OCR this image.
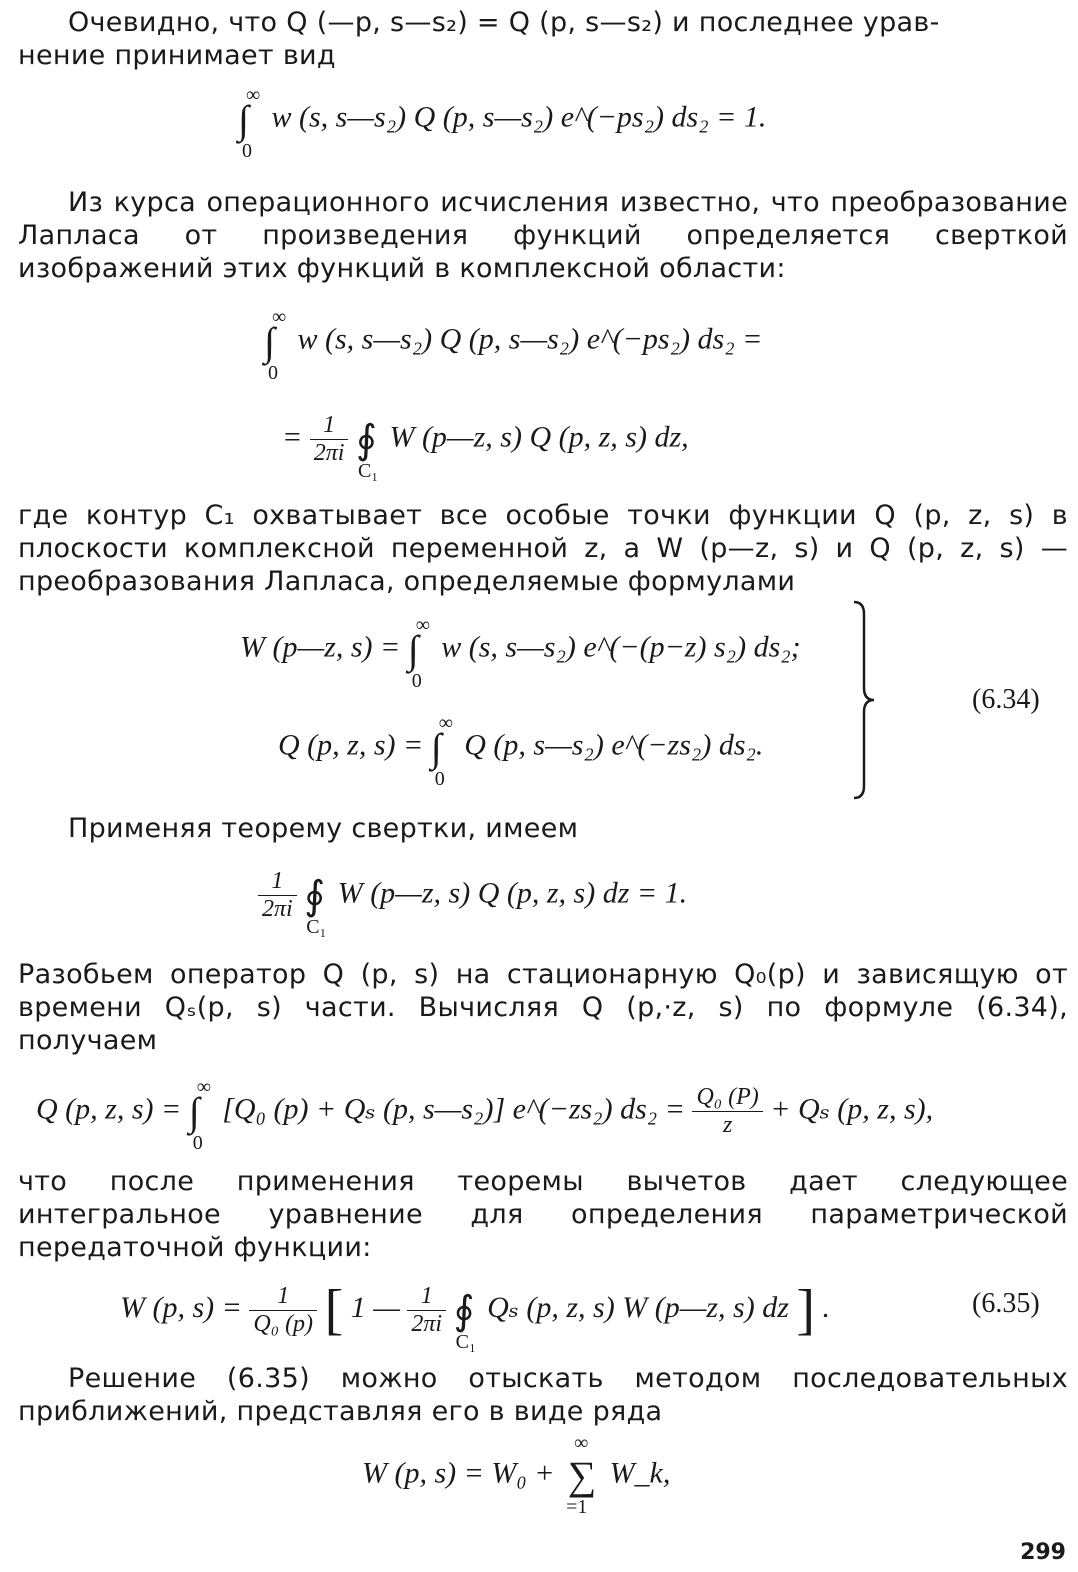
Очевидно, что Q (—p, s—s₂) = Q (p, s—s₂) и последнее урав-

нение принимает вид

∫
∞
0
w (s, s—s₂) Q (p, s—s₂) e^(−ps₂) ds₂ = 1.

Из курса операционного исчисления известно, что преобразование Лапласа от произведения функций определяется сверткой изображений этих функций в комплексной области:

∫
∞
0
w (s, s—s₂) Q (p, s—s₂) e^(−ps₂) ds₂ =
= $\frac{1}{2\pi i}$ ∮
C₁
W (p—z, s) Q (p, z, s) dz,

где контур C₁ охватывает все особые точки функции Q (p, z, s) в плоскости комплексной переменной z, а W (p—z, s) и Q (p, z, s) — преобразования Лапласа, определяемые формулами

W (p—z, s) = ∫
∞
0
w (s, s—s₂) e^(−(p−z) s₂) ds₂;
Q (p, z, s) = ∫
∞
0
Q (p, s—s₂) e^(−zs₂) ds₂.
(6.34)

Применяя теорему свертки, имеем

$\frac{1}{2\pi i}$ ∮
C₁
W (p—z, s) Q (p, z, s) dz = 1.

Разобьем оператор Q (p, s) на стационарную Q₀(p) и зависящую от времени Qₛ(p, s) части. Вычисляя Q (p,·z, s) по формуле (6.34), получаем

Q (p, z, s) = ∫
∞
0
[Q₀ (p) + Qₛ (p, s—s₂)] e^(−zs₂) $ds_2 = \frac{\text{Q₀ (P)}}{z} + Q_s$ (p, z, s),

что после применения теоремы вычетов дает следующее интегральное уравнение для определения параметрической передаточной функции:

W (p, $s) = \frac{1}{\text{Q₀ (p)}}$ [ 1 — $\frac{1}{2\pi i}$ ∮
C₁
Qₛ (p, z, s) W (p—z, s) dz ] .	(6.35)

Решение (6.35) можно отыскать методом последовательных приближений, представляя его в виде ряда

W (p, s) = W₀ + ∑
∞
=1
W_k,
299
